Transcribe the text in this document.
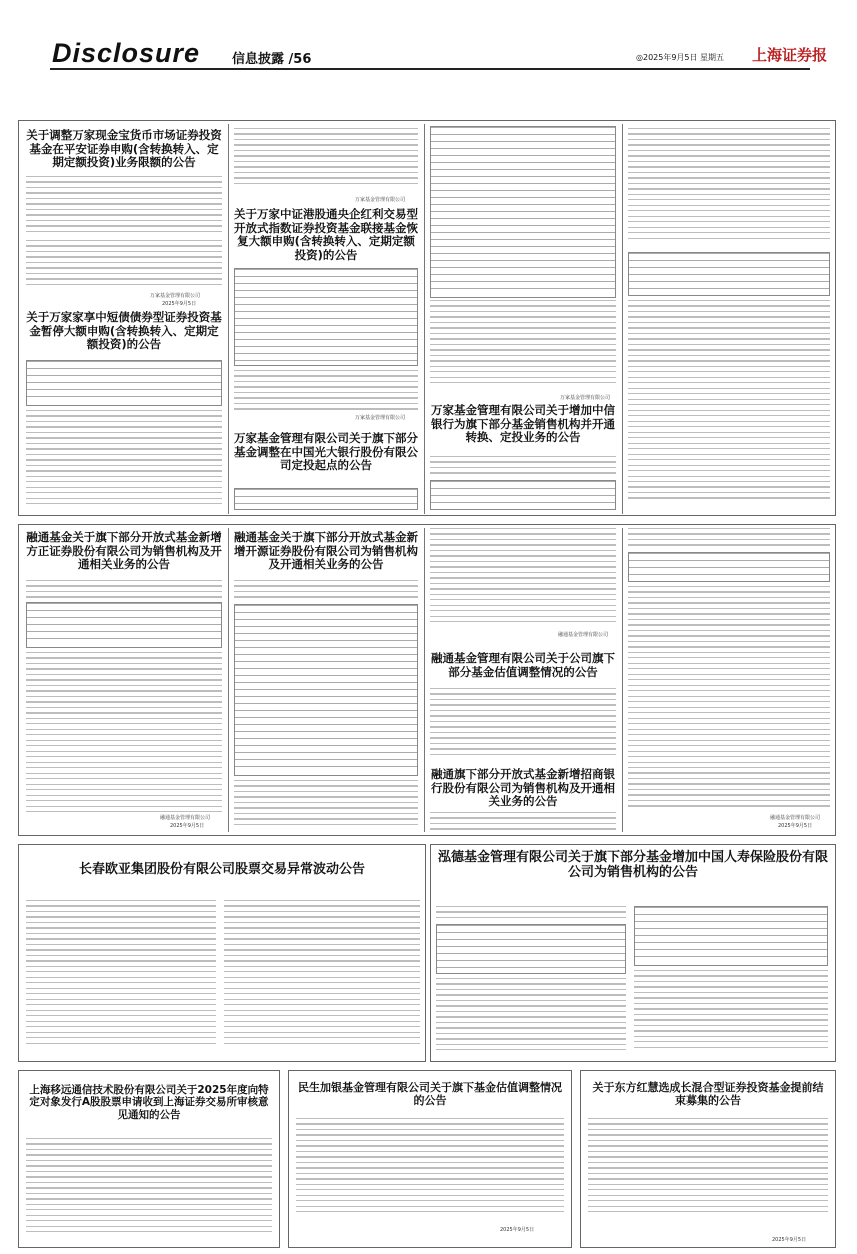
Disclosure 信息披露 /56	◎2025年9月5日 星期五 上海证券报
关于调整万家现金宝货币市场证券投资基金在平安证券申购(含转换转入、定期定额投资)业务限额的公告
万家基金管理有限公司
2025年9月5日
关于万家家享中短债债券型证券投资基金暂停大额申购(含转换转入、定期定额投资)的公告
万家基金管理有限公司
关于万家中证港股通央企红利交易型开放式指数证券投资基金联接基金恢复大额申购(含转换转入、定期定额投资)的公告
万家基金管理有限公司
万家基金管理有限公司关于旗下部分基金调整在中国光大银行股份有限公司定投起点的公告
万家基金管理有限公司
万家基金管理有限公司关于增加中信银行为旗下部分基金销售机构并开通转换、定投业务的公告
融通基金关于旗下部分开放式基金新增方正证券股份有限公司为销售机构及开通相关业务的公告
融通基金管理有限公司
2025年9月5日
融通基金关于旗下部分开放式基金新增开源证券股份有限公司为销售机构及开通相关业务的公告
融通基金管理有限公司
融通基金管理有限公司关于公司旗下部分基金估值调整情况的公告
融通旗下部分开放式基金新增招商银行股份有限公司为销售机构及开通相关业务的公告
融通基金管理有限公司
2025年9月5日
长春欧亚集团股份有限公司股票交易异常波动公告
泓德基金管理有限公司关于旗下部分基金增加中国人寿保险股份有限公司为销售机构的公告
上海移远通信技术股份有限公司关于2025年度向特定对象发行A股股票申请收到上海证券交易所审核意见通知的公告
民生加银基金管理有限公司关于旗下基金估值调整情况的公告
2025年9月5日
关于东方红慧选成长混合型证券投资基金提前结束募集的公告
2025年9月5日
